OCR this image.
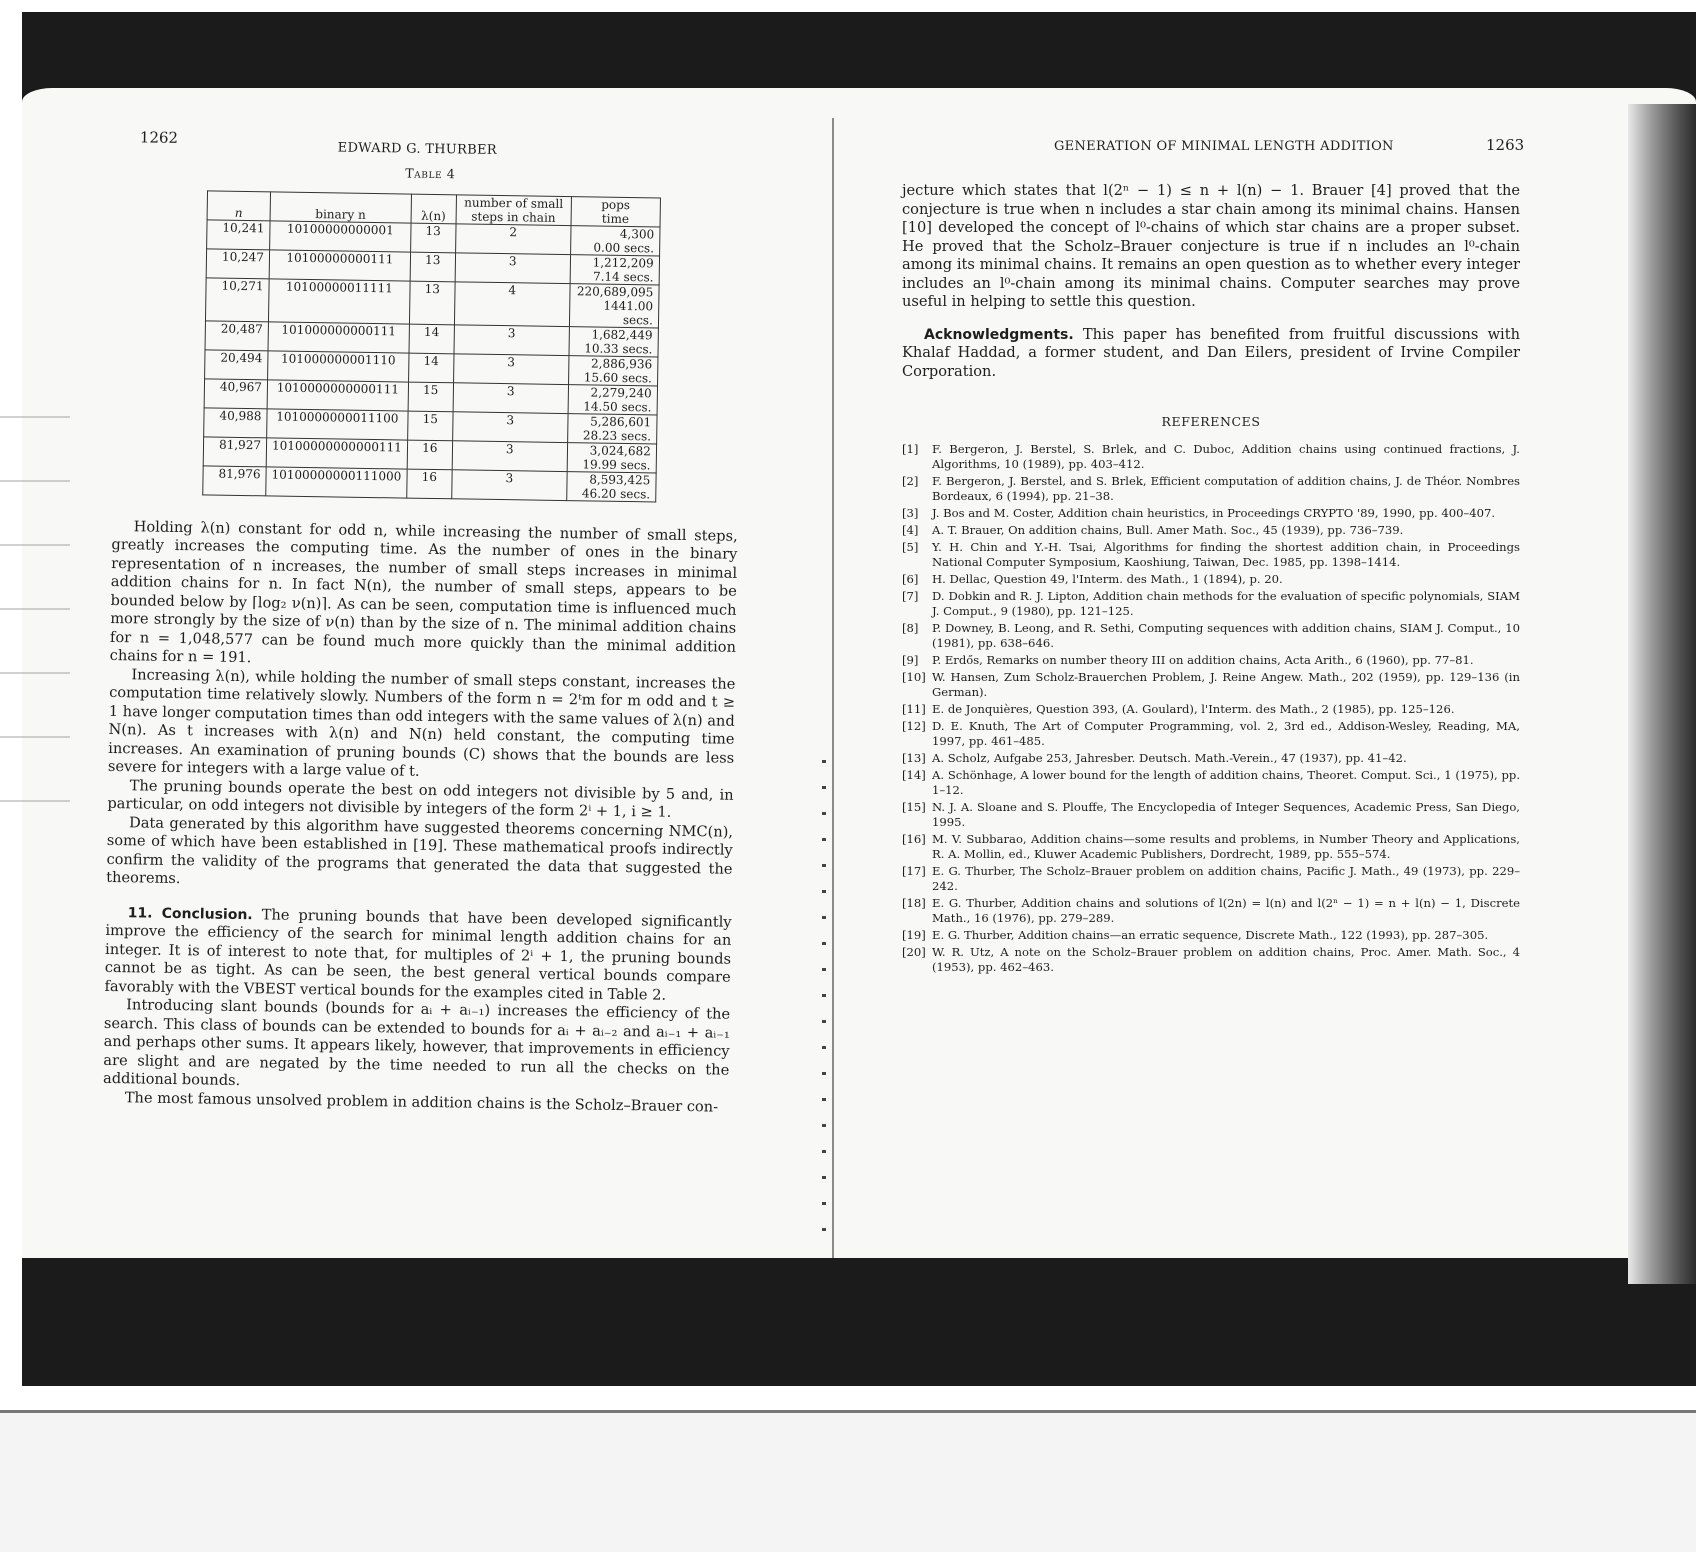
1262
EDWARD G. THURBER
Table 4
n	binary n	λ(n)	number of small steps in chain	pops
time

10,241	10100000000001	13	2	4,300
0.00 secs.

10,247	10100000000111	13	3	1,212,209
7.14 secs.

10,271	10100000011111	13	4	220,689,095
1441.00 secs.

20,487	101000000000111	14	3	1,682,449
10.33 secs.

20,494	101000000001110	14	3	2,886,936
15.60 secs.

40,967	1010000000000111	15	3	2,279,240
14.50 secs.

40,988	1010000000011100	15	3	5,286,601
28.23 secs.

81,927	10100000000000111	16	3	3,024,682
19.99 secs.

81,976	10100000000111000	16	3	8,593,425
46.20 secs.

Holding λ(n) constant for odd n, while increasing the number of small steps, greatly increases the computing time. As the number of ones in the binary representation of n increases, the number of small steps increases in minimal addition chains for n. In fact N(n), the number of small steps, appears to be bounded below by ⌈log₂ ν(n)⌉. As can be seen, computation time is influenced much more strongly by the size of ν(n) than by the size of n. The minimal addition chains for n = 1,048,577 can be found much more quickly than the minimal addition chains for n = 191.

Increasing λ(n), while holding the number of small steps constant, increases the computation time relatively slowly. Numbers of the form n = 2ᵗm for m odd and t ≥ 1 have longer computation times than odd integers with the same values of λ(n) and N(n). As t increases with λ(n) and N(n) held constant, the computing time increases. An examination of pruning bounds (C) shows that the bounds are less severe for integers with a large value of t.

The pruning bounds operate the best on odd integers not divisible by 5 and, in particular, on odd integers not divisible by integers of the form 2ⁱ + 1, i ≥ 1.

Data generated by this algorithm have suggested theorems concerning NMC(n), some of which have been established in [19]. These mathematical proofs indirectly confirm the validity of the programs that generated the data that suggested the theorems.

11. Conclusion. The pruning bounds that have been developed significantly improve the efficiency of the search for minimal length addition chains for an integer. It is of interest to note that, for multiples of 2ⁱ + 1, the pruning bounds cannot be as tight. As can be seen, the best general vertical bounds compare favorably with the VBEST vertical bounds for the examples cited in Table 2.

Introducing slant bounds (bounds for aᵢ + aᵢ₋₁) increases the efficiency of the search. This class of bounds can be extended to bounds for aᵢ + aᵢ₋₂ and aᵢ₋₁ + aᵢ₋₁ and perhaps other sums. It appears likely, however, that improvements in efficiency are slight and are negated by the time needed to run all the checks on the additional bounds.

The most famous unsolved problem in addition chains is the Scholz–Brauer con-

GENERATION OF MINIMAL LENGTH ADDITION	1263

jecture which states that l(2ⁿ − 1) ≤ n + l(n) − 1. Brauer [4] proved that the conjecture is true when n includes a star chain among its minimal chains. Hansen [10] developed the concept of l⁰-chains of which star chains are a proper subset. He proved that the Scholz–Brauer conjecture is true if n includes an l⁰-chain among its minimal chains. It remains an open question as to whether every integer includes an l⁰-chain among its minimal chains. Computer searches may prove useful in helping to settle this question.

Acknowledgments. This paper has benefited from fruitful discussions with Khalaf Haddad, a former student, and Dan Eilers, president of Irvine Compiler Corporation.

REFERENCES
[1] F. Bergeron, J. Berstel, S. Brlek, and C. Duboc, Addition chains using continued fractions, J. Algorithms, 10 (1989), pp. 403–412.
[2] F. Bergeron, J. Berstel, and S. Brlek, Efficient computation of addition chains, J. de Théor. Nombres Bordeaux, 6 (1994), pp. 21–38.
[3] J. Bos and M. Coster, Addition chain heuristics, in Proceedings CRYPTO '89, 1990, pp. 400–407.
[4] A. T. Brauer, On addition chains, Bull. Amer Math. Soc., 45 (1939), pp. 736–739.
[5] Y. H. Chin and Y.-H. Tsai, Algorithms for finding the shortest addition chain, in Proceedings National Computer Symposium, Kaoshiung, Taiwan, Dec. 1985, pp. 1398–1414.
[6] H. Dellac, Question 49, l'Interm. des Math., 1 (1894), p. 20.
[7] D. Dobkin and R. J. Lipton, Addition chain methods for the evaluation of specific polynomials, SIAM J. Comput., 9 (1980), pp. 121–125.
[8] P. Downey, B. Leong, and R. Sethi, Computing sequences with addition chains, SIAM J. Comput., 10 (1981), pp. 638–646.
[9] P. Erdős, Remarks on number theory III on addition chains, Acta Arith., 6 (1960), pp. 77–81.
[10] W. Hansen, Zum Scholz-Brauerchen Problem, J. Reine Angew. Math., 202 (1959), pp. 129–136 (in German).
[11] E. de Jonquières, Question 393, (A. Goulard), l'Interm. des Math., 2 (1985), pp. 125–126.
[12] D. E. Knuth, The Art of Computer Programming, vol. 2, 3rd ed., Addison-Wesley, Reading, MA, 1997, pp. 461–485.
[13] A. Scholz, Aufgabe 253, Jahresber. Deutsch. Math.-Verein., 47 (1937), pp. 41–42.
[14] A. Schönhage, A lower bound for the length of addition chains, Theoret. Comput. Sci., 1 (1975), pp. 1–12.
[15] N. J. A. Sloane and S. Plouffe, The Encyclopedia of Integer Sequences, Academic Press, San Diego, 1995.
[16] M. V. Subbarao, Addition chains—some results and problems, in Number Theory and Applications, R. A. Mollin, ed., Kluwer Academic Publishers, Dordrecht, 1989, pp. 555–574.
[17] E. G. Thurber, The Scholz–Brauer problem on addition chains, Pacific J. Math., 49 (1973), pp. 229–242.
[18] E. G. Thurber, Addition chains and solutions of l(2n) = l(n) and l(2ⁿ − 1) = n + l(n) − 1, Discrete Math., 16 (1976), pp. 279–289.
[19] E. G. Thurber, Addition chains—an erratic sequence, Discrete Math., 122 (1993), pp. 287–305.
[20] W. R. Utz, A note on the Scholz–Brauer problem on addition chains, Proc. Amer. Math. Soc., 4 (1953), pp. 462–463.
